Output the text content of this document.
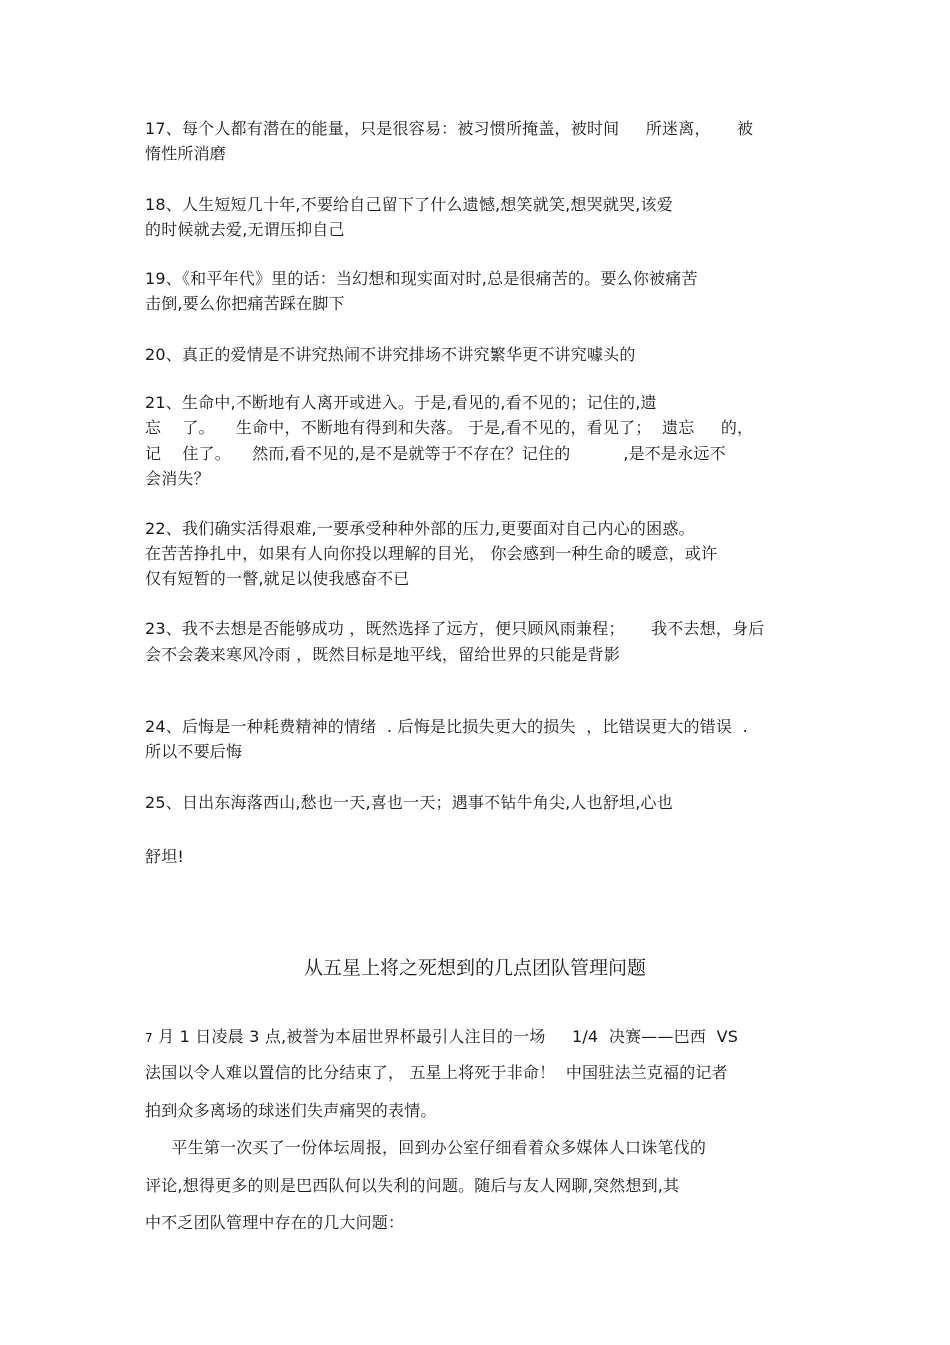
17、每个人都有潜在的能量，只是很容易：被习惯所掩盖，被时间     所迷离，     被
惰性所消磨
18、人生短短几十年,不要给自己留下了什么遗憾,想笑就笑,想哭就哭,该爱
的时候就去爱,无谓压抑自己
19、《和平年代》里的话：当幻想和现实面对时,总是很痛苦的。要么你被痛苦
击倒,要么你把痛苦踩在脚下
20、真正的爱情是不讲究热闹不讲究排场不讲究繁华更不讲究噱头的
21、生命中,不断地有人离开或进入。于是,看见的,看不见的；记住的,遗
忘    了。    生命中，不断地有得到和失落。 于是,看不见的，看见了；  遗忘     的，
记    住了。    然而,看不见的,是不是就等于不存在？记住的          ,是不是永远不
会消失？
22、我们确实活得艰难,一要承受种种外部的压力,更要面对自己内心的困惑。
在苦苦挣扎中，如果有人向你投以理解的目光， 你会感到一种生命的暖意，或许
仅有短暂的一瞥,就足以使我感奋不已
23、我不去想是否能够成功 ，既然选择了远方，便只顾风雨兼程；     我不去想，身后
会不会袭来寒风冷雨 ，既然目标是地平线，留给世界的只能是背影
24、后悔是一种耗费精神的情绪  . 后悔是比损失更大的损失  ，比错误更大的错误  .
所以不要后悔
25、日出东海落西山,愁也一天,喜也一天；遇事不钻牛角尖,人也舒坦,心也
舒坦!
从五星上将之死想到的几点团队管理问题
7 月 1 日凌晨 3 点,被誉为本届世界杯最引人注目的一场     1/4  决赛——巴西  VS
法国以令人难以置信的比分结束了， 五星上将死于非命！  中国驻法兰克福的记者
拍到众多离场的球迷们失声痛哭的表情。
平生第一次买了一份体坛周报，回到办公室仔细看着众多媒体人口诛笔伐的
评论,想得更多的则是巴西队何以失利的问题。随后与友人网聊,突然想到,其
中不乏团队管理中存在的几大问题：
